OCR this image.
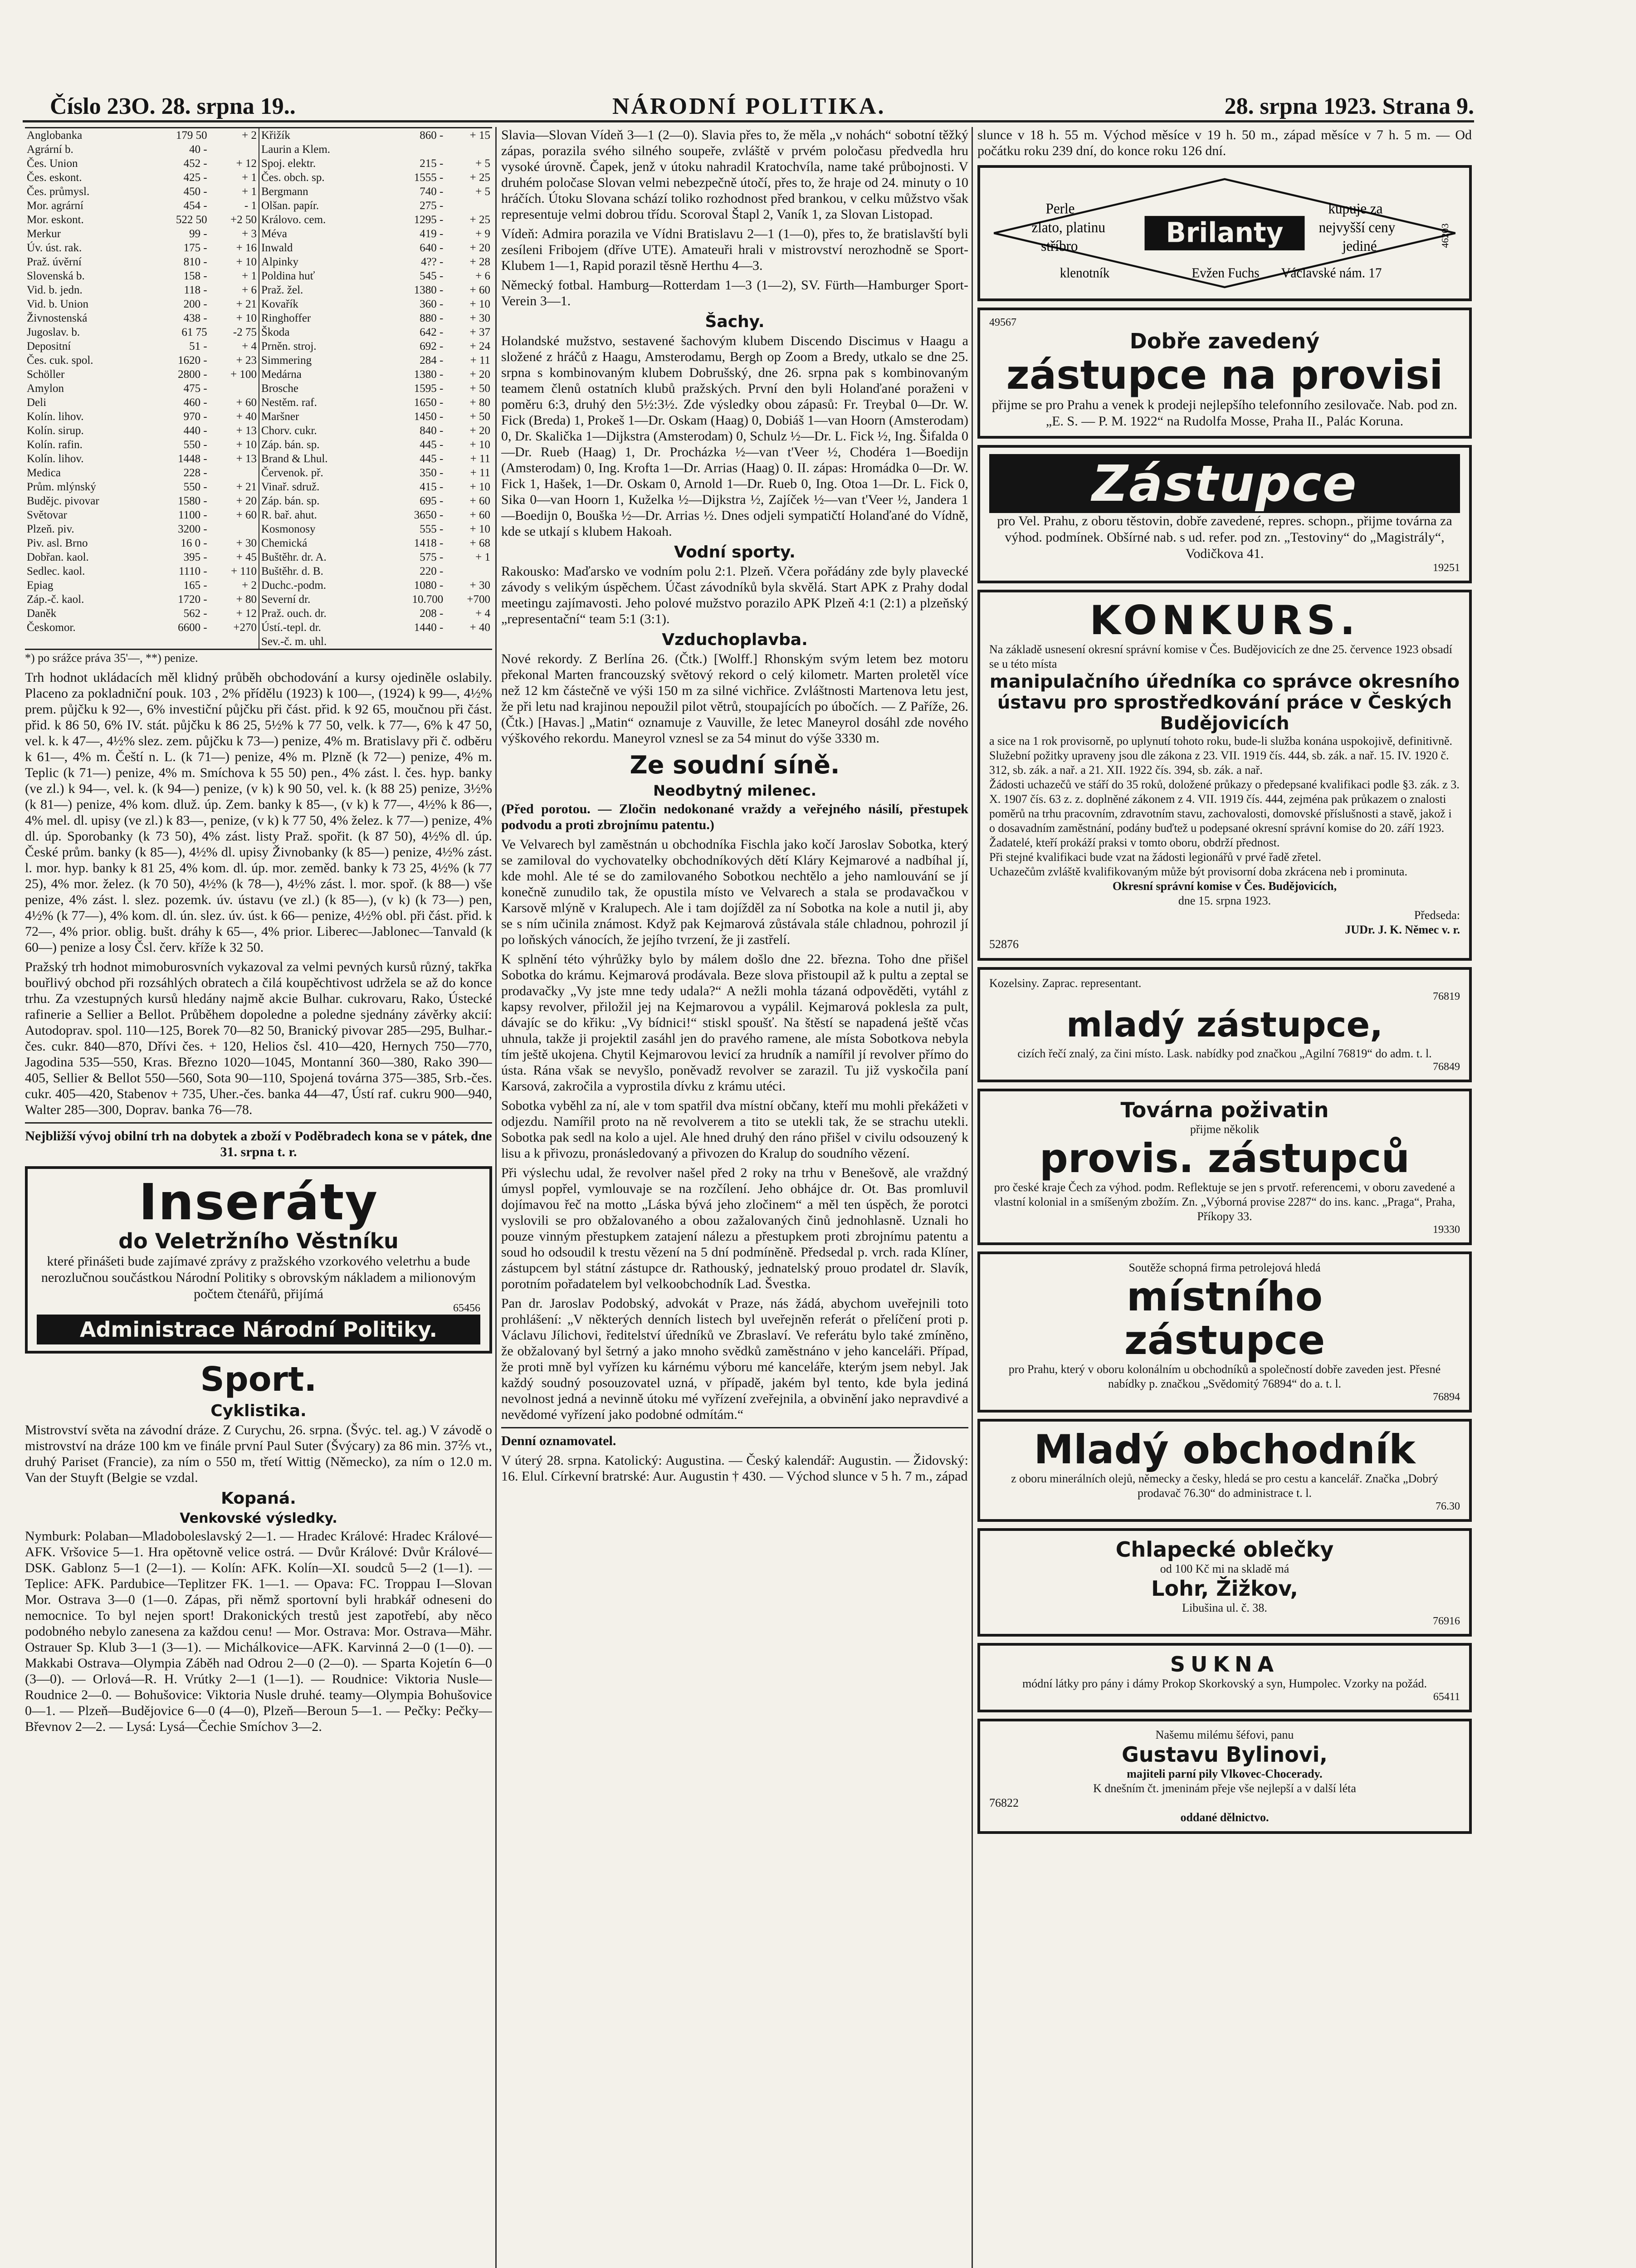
Číslo 2ЗО. 28. srpna 19..	NÁRODNÍ POLITIKA.	28. srpna 1923. Strana 9.
Anglobanka	179 50	+ 2
Agrární b.	40 -	
Čes. Union	452 -	+ 12
Čes. eskont.	425 -	+ 1
Čes. průmysl.	450 -	+ 1
Mor. agrární	454 -	- 1
Mor. eskont.	522 50	+2 50
Merkur	99 -	+ 3
Úv. úst. rak.	175 -	+ 16
Praž. úvěrní	810 -	+ 10
Slovenská b.	158 -	+ 1
Vid. b. jedn.	118 -	+ 6
Vid. b. Union	200 -	+ 21
Živnostenská	438 -	+ 10
Jugoslav. b.	61 75	-2 75
Depositní	51 -	+ 4
Čes. cuk. spol.	1620 -	+ 23
Schöller	2800 -	+ 100
Amylon	475 -	
Deli	460 -	+ 60
Kolín. lihov.	970 -	+ 40
Kolín. sirup.	440 -	+ 13
Kolín. rafin.	550 -	+ 10
Kolín. lihov.	1448 -	+ 13
Medica	228 -	
Prům. mlýnský	550 -	+ 21
Budějc. pivovar	1580 -	+ 20
Světovar	1100 -	+ 60
Plzeň. piv.	3200 -	
Piv. asl. Brno	16 0 -	+ 30
Dobřan. kaol.	395 -	+ 45
Sedlec. kaol.	1110 -	+ 110
Epiag	165 -	+ 2
Záp.-č. kaol.	1720 -	+ 80
Daněk	562 -	+ 12
Českomor.	6600 -	+270
Křižík	860 -	+ 15
Laurin a Klem.		
Spoj. elektr.	215 -	+ 5
Čes. obch. sp.	1555 -	+ 25
Bergmann	740 -	+ 5
Olšan. papír.	275 -	
Královo. cem.	1295 -	+ 25
Méva	419 -	+ 9
Inwald	640 -	+ 20
Alpinky	4?? -	+ 28
Poldina huť	545 -	+ 6
Praž. žel.	1380 -	+ 60
Kovařík	360 -	+ 10
Ringhoffer	880 -	+ 30
Škoda	642 -	+ 37
Prněn. stroj.	692 -	+ 24
Simmering	284 -	+ 11
Medárna	1380 -	+ 20
Brosche	1595 -	+ 50
Nestěm. raf.	1650 -	+ 80
Maršner	1450 -	+ 50
Chorv. cukr.	840 -	+ 20
Záp. bán. sp.	445 -	+ 10
Brand & Lhul.	445 -	+ 11
Červenok. př.	350 -	+ 11
Vinař. sdruž.	415 -	+ 10
Záp. bán. sp.	695 -	+ 60
R. bař. ahut.	3650 -	+ 60
Kosmonosy	555 -	+ 10
Chemická	1418 -	+ 68
Buštěhr. dr. A.	575 -	+ 1
Buštěhr. d. B.	220 -	
Duchc.-podm.	1080 -	+ 30
Severní dr.	10.700	+700
Praž. ouch. dr.	208 -	+ 4
Ústí.-tepl. dr.	1440 -	+ 40
Sev.-č. m. uhl.		

*) po srážce práva 35'—, **) penize.

Trh hodnot ukládacích měl klidný průběh obchodování a kursy ojediněle oslabily. Placeno za pokladniční pouk. 103 , 2% přídělu (1923) k 100—, (1924) k 99—, 4½% prem. půjčku k 92—, 6% investiční půjčku při část. přid. k 92 65, moučnou při část. přid. k 86 50, 6% IV. stát. půjčku k 86 25, 5½% k 77 50, velk. k 77—, 6% k 47 50, vel. k. k 47—, 4½% slez. zem. půjčku k 73—) penize, 4% m. Bratislavy při č. odběru k 61—, 4% m. Čeští n. L. (k 71—) penize, 4% m. Plzně (k 72—) penize, 4% m. Teplic (k 71—) penize, 4% m. Smíchova k 55 50) pen., 4% zást. l. čes. hyp. banky (ve zl.) k 94—, vel. k. (k 94—) penize, (v k) k 90 50, vel. k. (k 88 25) penize, 3½% (k 81—) penize, 4% kom. dluž. úp. Zem. banky k 85—, (v k) k 77—, 4½% k 86—, 4% mel. dl. upisy (ve zl.) k 83—, penize, (v k) k 77 50, 4% želez. k 77—) penize, 4% dl. úp. Sporobanky (k 73 50), 4% zást. listy Praž. spořit. (k 87 50), 4½% dl. úp. České prům. banky (k 85—), 4½% dl. upisy Živnobanky (k 85—) penize, 4½% zást. l. mor. hyp. banky k 81 25, 4% kom. dl. úp. mor. zeměd. banky k 73 25, 4½% (k 77 25), 4% mor. želez. (k 70 50), 4½% (k 78—), 4½% zást. l. mor. spoř. (k 88—) vše penize, 4% zást. l. slez. pozemk. úv. ústavu (ve zl.) (k 85—), (v k) (k 73—) pen, 4½% (k 77—), 4% kom. dl. ún. slez. úv. úst. k 66— penize, 4½% obl. při část. přid. k 72—, 4% prior. oblig. bušt. dráhy k 65—, 4% prior. Liberec—Jablonec—Tanvald (k 60—) penize a losy Čsl. červ. kříže k 32 50.

Pražský trh hodnot mimoburosvních vykazoval za velmi pevných kursů různý, takřka bouřlivý obchod při rozsáhlých obratech a čilá koupěchtivost udržela se až do konce trhu. Za vzestupných kursů hledány najmě akcie Bulhar. cukrovaru, Rako, Ústecké rafinerie a Sellier a Bellot. Průběhem dopoledne a poledne sjednány závěrky akcií: Autodoprav. spol. 110—125, Borek 70—82 50, Branický pivovar 285—295, Bulhar.-čes. cukr. 840—870, Dřívi čes. + 120, Helios čsl. 410—420, Hernych 750—770, Jagodina 535—550, Kras. Březno 1020—1045, Montanní 360—380, Rako 390—405, Sellier & Bellot 550—560, Sota 90—110, Spojená továrna 375—385, Srb.-čes. cukr. 405—420, Stabenov + 735, Uher.-čes. banka 44—47, Ústí raf. cukru 900—940, Walter 285—300, Doprav. banka 76—78.

Nejbližší vývoj obilní trh na dobytek a zboží v Poděbradech kona se v pátek, dne 31. srpna t. r.

Inseráty
do Veletržního Věstníku
které přinášeti bude zajímavé zprávy z pražského vzorkového veletrhu a bude nerozlučnou součástkou Národní Politiky s obrovským nákladem a milionovým počtem čtenářů, přijímá
65456
Administrace Národní Politiky.
Sport.
Cyklistika.

Mistrovství světa na závodní dráze. Z Curychu, 26. srpna. (Švýc. tel. ag.) V závodě o mistrovství na dráze 100 km ve finále první Paul Suter (Švýcary) za 86 min. 37⅖ vt., druhý Pariset (Francie), za ním o 550 m, třetí Wittig (Německo), za ním o 12.0 m. Van der Stuyft (Belgie se vzdal.

Kopaná.
Venkovské výsledky.

Nymburk: Polaban—Mladoboleslavský 2—1. — Hradec Králové: Hradec Králové—AFK. Vršovice 5—1. Hra opětovně velice ostrá. — Dvůr Králové: Dvůr Králové—DSK. Gablonz 5—1 (2—1). — Kolín: AFK. Kolín—XI. soudců 5—2 (1—1). — Teplice: AFK. Pardubice—Teplitzer FK. 1—1. — Opava: FC. Troppau I—Slovan Mor. Ostrava 3—0 (1—0. Zápas, při němž sportovní byli hrabkář odneseni do nemocnice. To byl nejen sport! Drakonických trestů jest zapotřebí, aby něco podobného nebylo zanesena za každou cenu! — Mor. Ostrava: Mor. Ostrava—Mähr. Ostrauer Sp. Klub 3—1 (3—1). — Michálkovice—AFK. Karvinná 2—0 (1—0). — Makkabi Ostrava—Olympia Záběh nad Odrou 2—0 (2—0). — Sparta Kojetín 6—0 (3—0). — Orlová—R. H. Vrútky 2—1 (1—1). — Roudnice: Viktoria Nusle—Roudnice 2—0. — Bohušovice: Viktoria Nusle druhé. teamy—Olympia Bohušovice 0—1. — Plzeň—Budějovice 6—0 (4—0), Plzeň—Beroun 5—1. — Pečky: Pečky—Břevnov 2—2. — Lysá: Lysá—Čechie Smíchov 3—2.

Slavia—Slovan Vídeň 3—1 (2—0). Slavia přes to, že měla „v nohách“ sobotní těžký zápas, porazila svého silného soupeře, zvláště v prvém poločasu předvedla hru vysoké úrovně. Čapek, jenž v útoku nahradil Kratochvíla, name také průbojnosti. V druhém poločase Slovan velmi nebezpečně útočí, přes to, že hraje od 24. minuty o 10 hráčích. Útoku Slovana schází toliko rozhodnost před brankou, v celku můžstvo však representuje velmi dobrou třídu. Scoroval Štapl 2, Vaník 1, za Slovan Listopad.

Vídeň: Admira porazila ve Vídni Bratislavu 2—1 (1—0), přes to, že bratislavští byli zesíleni Fribojem (dříve UTE). Amateuři hrali v mistrovství nerozhodně se Sport-Klubem 1—1, Rapid porazil těsně Herthu 4—3.

Německý fotbal. Hamburg—Rotterdam 1—3 (1—2), SV. Fürth—Hamburger Sport-Verein 3—1.

Šachy.

Holandské mužstvo, sestavené šachovým klubem Discendo Discimus v Haagu a složené z hráčů z Haagu, Amsterodamu, Bergh op Zoom a Bredy, utkalo se dne 25. srpna s kombinovaným klubem Dobrušský, dne 26. srpna pak s kombinovaným teamem členů ostatních klubů pražských. První den byli Holanďané poraženi v poměru 6:3, druhý den 5½:3½. Zde výsledky obou zápasů: Fr. Treybal 0—Dr. W. Fick (Breda) 1, Prokeš 1—Dr. Oskam (Haag) 0, Dobiáš 1—van Hoorn (Amsterodam) 0, Dr. Skalička 1—Dijkstra (Amsterodam) 0, Schulz ½—Dr. L. Fick ½, Ing. Šifalda 0—Dr. Rueb (Haag) 1, Dr. Procházka ½—van t'Veer ½, Chodéra 1—Boedijn (Amsterodam) 0, Ing. Krofta 1—Dr. Arrias (Haag) 0. II. zápas: Hromádka 0—Dr. W. Fick 1, Hašek, 1—Dr. Oskam 0, Arnold 1—Dr. Rueb 0, Ing. Otoa 1—Dr. L. Fick 0, Sika 0—van Hoorn 1, Kuželka ½—Dijkstra ½, Zajíček ½—van t'Veer ½, Jandera 1—Boedijn 0, Bouška ½—Dr. Arrias ½. Dnes odjeli sympatičtí Holanďané do Vídně, kde se utkají s klubem Hakoah.

Vodní sporty.

Rakousko: Maďarsko ve vodním polu 2:1. Plzeň. Včera pořádány zde byly plavecké závody s velikým úspěchem. Účast závodníků byla skvělá. Start APK z Prahy dodal meetingu zajímavosti. Jeho polové mužstvo porazilo APK Plzeň 4:1 (2:1) a plzeňský „representační“ team 5:1 (3:1).

Vzduchoplavba.

Nové rekordy. Z Berlína 26. (Čtk.) [Wolff.] Rhonským svým letem bez motoru překonal Marten francouzský světový rekord o celý kilometr. Marten proletěl více než 12 km částečně ve výši 150 m za silné vichřice. Zvláštnosti Martenova letu jest, že při letu nad krajinou nepoužil pilot větrů, stoupajících po úbočích. — Z Paříže, 26. (Čtk.) [Havas.] „Matin“ oznamuje z Vauville, že letec Maneyrol dosáhl zde nového výškového rekordu. Maneyrol vznesl se za 54 minut do výše 3330 m.

Ze soudní síně.
Neodbytný milenec.

(Před porotou. — Zločin nedokonané vraždy a veřejného násilí, přestupek podvodu a proti zbrojnímu patentu.)

Ve Velvarech byl zaměstnán u obchodníka Fischla jako kočí Jaroslav Sobotka, který se zamiloval do vychovatelky obchodníkových dětí Kláry Kejmarové a nadbíhal jí, kde mohl. Ale té se do zamilovaného Sobotkou nechtělo a jeho namlouvání se jí konečně zunudilo tak, že opustila místo ve Velvarech a stala se prodavačkou v Karsově mlýně v Kralupech. Ale i tam dojížděl za ní Sobotka na kole a nutil ji, aby se s ním učinila známost. Když pak Kejmarová zůstávala stále chladnou, pohrozil jí po loňských vánocích, že jejího tvrzení, že ji zastřelí.

K splnění této výhrůžky bylo by málem došlo dne 22. března. Toho dne přišel Sobotka do krámu. Kejmarová prodávala. Beze slova přistoupil až k pultu a zeptal se prodavačky „Vy jste mne tedy udala?“ A nežli mohla tázaná odpověděti, vytáhl z kapsy revolver, přiložil jej na Kejmarovou a vypálil. Kejmarová poklesla za pult, dávajíc se do křiku: „Vy bídnici!“ stiskl spoušť. Na štěstí se napadená ještě včas uhnula, takže ji projektil zasáhl jen do pravého ramene, ale místa Sobotkova nebyla tím ještě ukojena. Chytil Kejmarovou levicí za hrudník a namířil jí revolver přímo do ústa. Rána však se nevyšlo, poněvadž revolver se zarazil. Tu již vyskočila paní Karsová, zakročila a vyprostila dívku z krámu utéci.

Sobotka vyběhl za ní, ale v tom spatřil dva místní občany, kteří mu mohli překážeti v odjezdu. Namířil proto na ně revolverem a tito se utekli tak, že se strachu utekli. Sobotka pak sedl na kolo a ujel. Ale hned druhý den ráno přišel v civilu odsouzený k lisu a k přivozu, pronásledovaný a přivozen do Kralup do soudního vězení.

Při výslechu udal, že revolver našel před 2 roky na trhu v Benešově, ale vraždný úmysl popřel, vymlouvaje se na rozčílení. Jeho obhájce dr. Ot. Bas promluvil dojímavou řeč na motto „Láska bývá jeho zločinem“ a měl ten úspěch, že porotci vyslovili se pro obžalovaného a obou zažalovaných činů jednohlasně. Uznali ho pouze vinným přestupkem zatajení nálezu a přestupkem proti zbrojnímu patentu a soud ho odsoudil k trestu vězení na 5 dní podmíněně. Předsedal p. vrch. rada Klíner, zástupcem byl státní zástupce dr. Rathouský, jednatelský prouo prodatel dr. Slavík, porotním pořadatelem byl velkoobchodník Lad. Švestka.

Pan dr. Jaroslav Podobský, advokát v Praze, nás žádá, abychom uveřejnili toto prohlášení: „V některých denních listech byl uveřejněn referát o přelíčení proti p. Václavu Jílichovi, ředitelství úředníků ve Zbraslaví. Ve referátu bylo také zmíněno, že obžalovaný byl šetrný a jako mnoho svědků zaměstnáno v jeho kanceláři. Případ, že proti mně byl vyřízen ku kárnému výboru mé kanceláře, kterým jsem nebyl. Jak každý soudný posouzovatel uzná, v případě, jakém byl tento, kde byla jediná nevolnost jedná a nevinně útoku mé vyřízení zveřejnila, a obvinění jako nepravdivé a nevědomé vyřízení jako podobné odmítám.“

Denní oznamovatel.

V úterý 28. srpna. Katolický: Augustina. — Český kalendář: Augustin. — Židovský: 16. Elul. Církevní bratrské: Aur. Augustin † 430. — Východ slunce v 5 h. 7 m., západ

slunce v 18 h. 55 m. Východ měsíce v 19 h. 50 m., západ měsíce v 7 h. 5 m. — Od počátku roku 239 dní, do konce roku 126 dní.

Brilanty
Perle
zlato, platinu
stříbro
kupuje za
nejvyšší ceny
jediné
klenotník	Evžen Fuchs Václavské nám. 17
46203
49567
Dobře zavedený
zástupce na provisi
přijme se pro Prahu a venek k prodeji nejlepšího telefonního zesilovače. Nab. pod zn. „E. S. — P. M. 1922“ na Rudolfa Mosse, Praha II., Palác Koruna.
Zástupce
pro Vel. Prahu, z oboru těstovin, dobře zavedené, repres. schopn., přijme továrna za výhod. podmínek. Obšírné nab. s ud. refer. pod zn. „Testoviny“ do „Magistrály“, Vodičkova 41.
19251
KONKURS.
Na základě usnesení okresní správní komise v Čes. Budějovicích ze dne 25. července 1923 obsadí se u této místa
manipulačního úředníka co správce okresního ústavu pro sprostředkování práce v Českých Budějovicích
a sice na 1 rok provisorně, po uplynutí tohoto roku, bude-li služba konána uspokojivě, definitivně.
Služební požitky upraveny jsou dle zákona z 23. VII. 1919 čís. 444, sb. zák. a nař. 15. IV. 1920 č. 312, sb. zák. a nař. a 21. XII. 1922 čís. 394, sb. zák. a nař.
Žádosti uchazečů ve stáří do 35 roků, doložené průkazy o předepsané kvalifikaci podle §3. zák. z 3. X. 1907 čís. 63 z. z. doplněné zákonem z 4. VII. 1919 čís. 444, zejména pak průkazem o znalosti poměrů na trhu pracovním, zdravotním stavu, zachovalosti, domovské příslušnosti a stavě, jakož i o dosavadním zaměstnání, podány buďtež u podepsané okresní správní komise do 20. září 1923.
Žadatelé, kteří prokáží praksi v tomto oboru, obdrží přednost.
Při stejné kvalifikaci bude vzat na žádosti legionářů v prvé řadě zřetel.
Uchazečům zvláště kvalifikovaným může být provisorní doba zkrácena neb i prominuta.
Okresní správní komise v Čes. Budějovicích,
dne 15. srpna 1923.
Předseda:
JUDr. J. K. Němec v. r.
52876
Kozelsiny. Zaprac. representant.
76819
mladý zástupce,
cizích řečí znalý, za čini místo. Lask. nabídky pod značkou „Agilní 76819“ do adm. t. l.
76849
Továrna poživatin
přijme několik
provis. zástupců
pro české kraje Čech za výhod. podm. Reflektuje se jen s prvotř. referencemi, v oboru zavedené a vlastní kolonial in a smíšeným zbožím. Zn. „Výborná provise 2287“ do ins. kanc. „Praga“, Praha, Příkopy 33.
19330
Soutěže schopná firma petrolejová hledá
místního
zástupce
pro Prahu, který v oboru kolonálním u obchodníků a společností dobře zaveden jest. Přesné nabídky p. značkou „Svědomitý 76894“ do a. t. l.
76894
Mladý obchodník
z oboru minerálních olejů, německy a česky, hledá se pro cestu a kancelář. Značka „Dobrý prodavač 76.30“ do administrace t. l.
76.30
Chlapecké oblečky
od 100 Kč mi na skladě má
Lohr, Žižkov,
Libušina ul. č. 38.
76916
SUKNA
módní látky pro pány i dámy Prokop Skorkovský a syn, Humpolec. Vzorky na požád.
65411
Našemu milému šéfovi, panu
Gustavu Bylinovi,
majiteli parní pily Vlkovec-Chocerady.
K dnešním čt. jmeninám přeje vše nejlepší a v další léta
76822
oddané dělnictvo.
